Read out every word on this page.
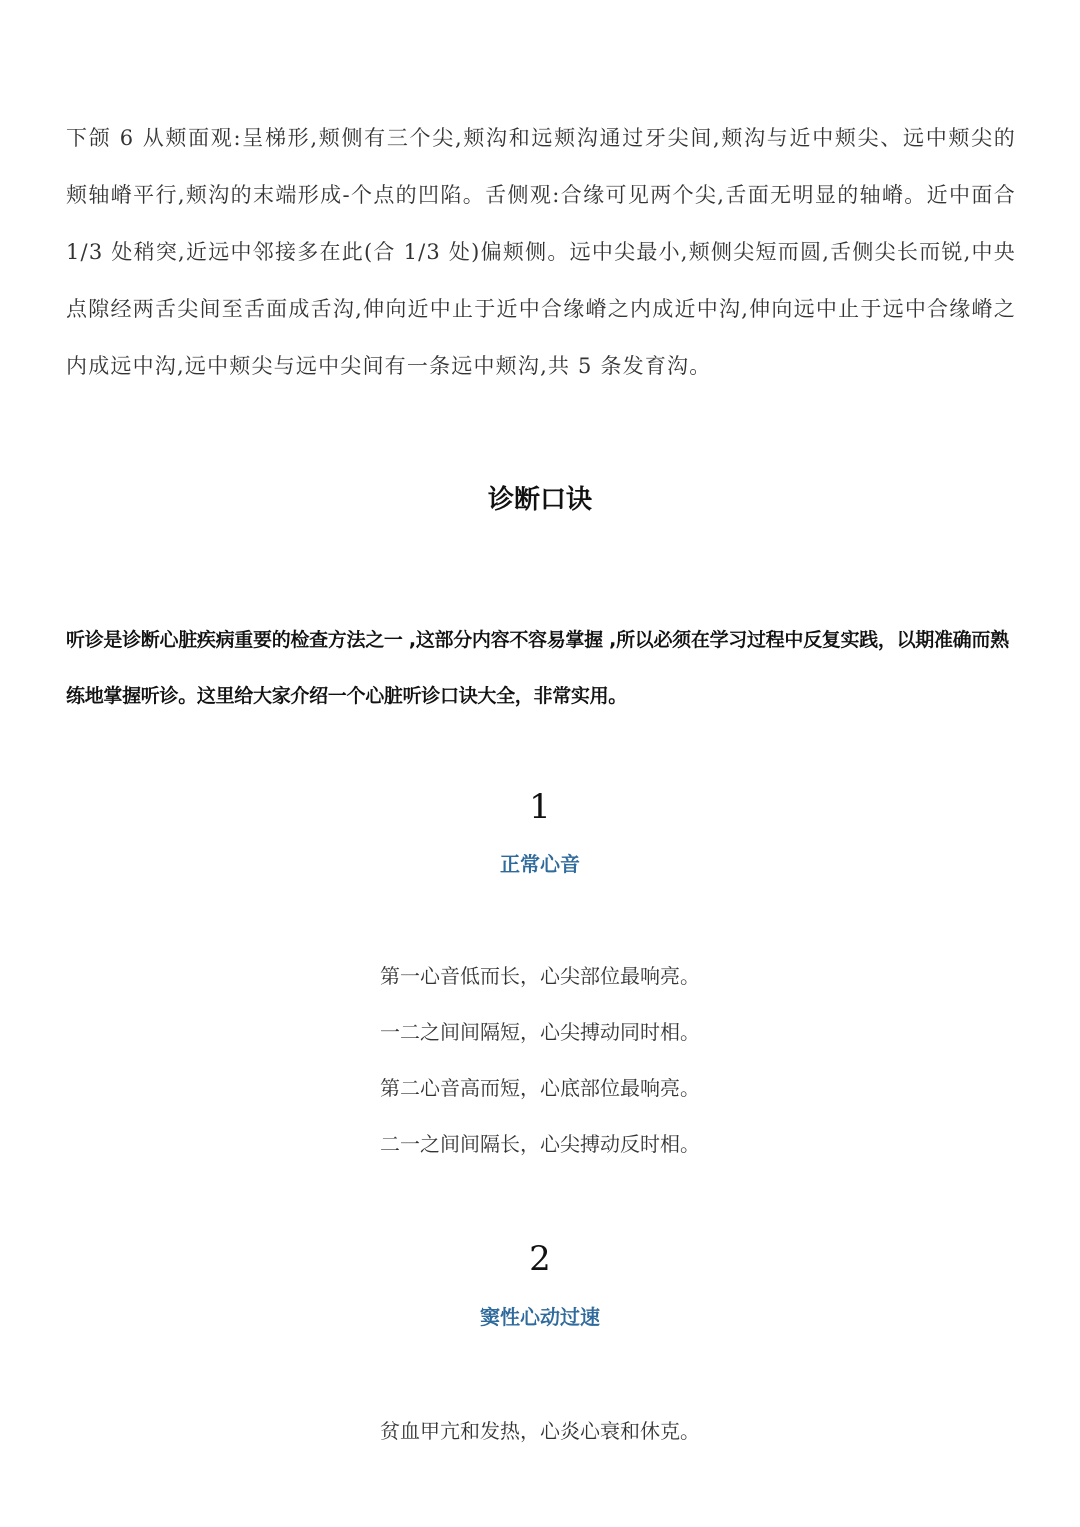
下颌 6 从颊面观:呈梯形,颊侧有三个尖,颊沟和远颊沟通过牙尖间,颊沟与近中颊尖、远中颊尖的颊轴嵴平行,颊沟的末端形成-个点的凹陷。舌侧观:合缘可见两个尖,舌面无明显的轴嵴。近中面合 1/3 处稍突,近远中邻接多在此(合 1/3 处)偏颊侧。远中尖最小,颊侧尖短而圆,舌侧尖长而锐,中央点隙经两舌尖间至舌面成舌沟,伸向近中止于近中合缘嵴之内成近中沟,伸向远中止于远中合缘嵴之内成远中沟,远中颊尖与远中尖间有一条远中颊沟,共 5 条发育沟。

诊断口诀

听诊是诊断心脏疾病重要的检查方法之一 ,这部分内容不容易掌握 ,所以必须在学习过程中反复实践，以期准确而熟练地掌握听诊。这里给大家介绍一个心脏听诊口诀大全，非常实用。

1
正常心音
第一心音低而长，心尖部位最响亮。
一二之间间隔短，心尖搏动同时相。
第二心音高而短，心底部位最响亮。
二一之间间隔长，心尖搏动反时相。
2
窦性心动过速
贫血甲亢和发热，心炎心衰和休克。
